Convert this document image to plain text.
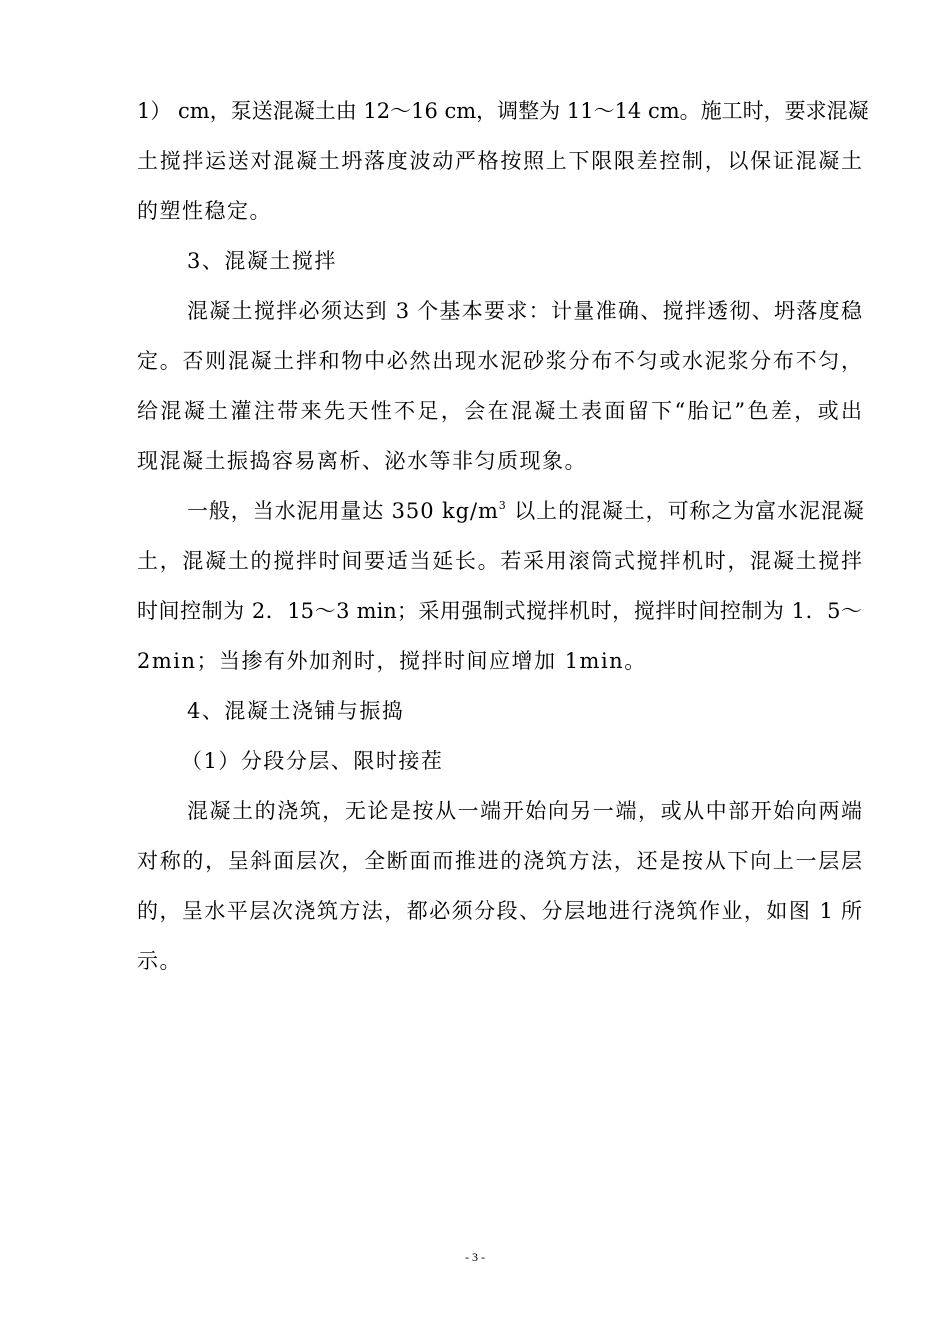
1） cm，泵送混凝土由 12～16 cm，调整为 11～14 cm。施工时，要求混凝
土搅拌运送对混凝土坍落度波动严格按照上下限限差控制，以保证混凝土
的塑性稳定。
3、混凝土搅拌
混凝土搅拌必须达到 3 个基本要求：计量准确、搅拌透彻、坍落度稳
定。否则混凝土拌和物中必然出现水泥砂浆分布不匀或水泥浆分布不匀，
给混凝土灌注带来先天性不足，会在混凝土表面留下“胎记”色差，或出
现混凝土振捣容易离析、泌水等非匀质现象。
一般，当水泥用量达 350 $kg/m^3$ 以上的混凝土，可称之为富水泥混凝
土，混凝土的搅拌时间要适当延长。若采用滚筒式搅拌机时，混凝土搅拌
时间控制为 2．15～3 min；采用强制式搅拌机时，搅拌时间控制为 1．5～
2min；当掺有外加剂时，搅拌时间应增加 1min。
4、混凝土浇铺与振捣
（1）分段分层、限时接茬
混凝土的浇筑，无论是按从一端开始向另一端，或从中部开始向两端
对称的，呈斜面层次，全断面而推进的浇筑方法，还是按从下向上一层层
的，呈水平层次浇筑方法，都必须分段、分层地进行浇筑作业，如图 1 所
示。
- 3 -
